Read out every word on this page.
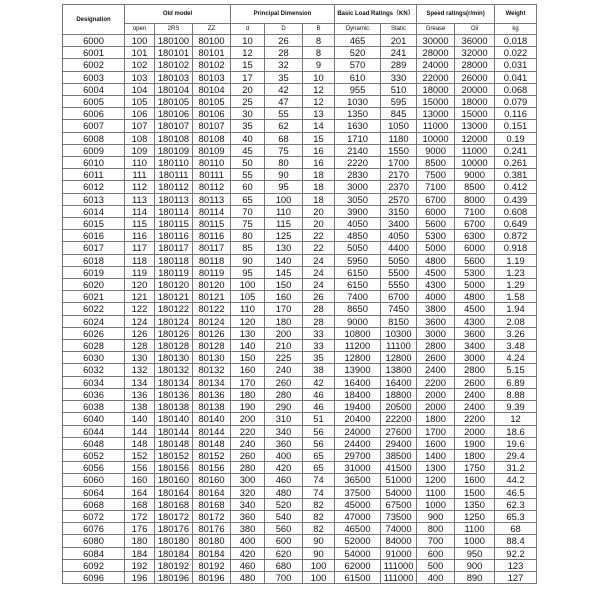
Designation	Old model			Principal Dimension			Basic Load Ratings（KN）		Speed ratings(r/min)		Weight
	open	2RS	ZZ	d	D	B	Dynamic	Static	Grease	Oil	kg
6000	100	180100	80100	10	26	8	465	201	30000	36000	0.018
6001	101	180101	80101	12	28	8	520	241	28000	32000	0.022
6002	102	180102	80102	15	32	9	570	289	24000	28000	0.031
6003	103	180103	80103	17	35	10	610	330	22000	26000	0.041
6004	104	180104	80104	20	42	12	955	510	18000	20000	0.068
6005	105	180105	80105	25	47	12	1030	595	15000	18000	0.079
6006	106	180106	80106	30	55	13	1350	845	13000	15000	0.116
6007	107	180107	80107	35	62	14	1630	1050	11000	13000	0.151
6008	108	180108	80108	40	68	15	1710	1180	10000	12000	0.19
6009	109	180109	80109	45	75	16	2140	1550	9000	11000	0.241
6010	110	180110	80110	50	80	16	2220	1700	8500	10000	0.261
6011	111	180111	80111	55	90	18	2830	2170	7500	9000	0.381
6012	112	180112	80112	60	95	18	3000	2370	7100	8500	0.412
6013	113	180113	80113	65	100	18	3050	2570	6700	8000	0.439
6014	114	180114	80114	70	110	20	3900	3150	6000	7100	0.608
6015	115	180115	80115	75	115	20	4050	3400	5600	6700	0.649
6016	116	180116	80116	80	125	22	4850	4050	5300	6300	0.872
6017	117	180117	80117	85	130	22	5050	4400	5000	6000	0.918
6018	118	180118	80118	90	140	24	5950	5050	4800	5600	1.19
6019	119	180119	80119	95	145	24	6150	5500	4500	5300	1.23
6020	120	180120	80120	100	150	24	6150	5550	4300	5000	1.29
6021	121	180121	80121	105	160	26	7400	6700	4000	4800	1.58
6022	122	180122	80122	110	170	28	8650	7450	3800	4500	1.94
6024	124	180124	80124	120	180	28	9000	8150	3600	4300	2.08
6026	126	180126	80126	130	200	33	10800	10300	3000	3600	3.26
6028	128	180128	80128	140	210	33	11200	11100	2800	3400	3.48
6030	130	180130	80130	150	225	35	12800	12800	2600	3000	4.24
6032	132	180132	80132	160	240	38	13900	13800	2400	2800	5.15
6034	134	180134	80134	170	260	42	16400	16400	2200	2600	6.89
6036	136	180136	80136	180	280	46	18400	18800	2000	2400	8.88
6038	138	180138	80138	190	290	46	19400	20500	2000	2400	9.39
6040	140	180140	80140	200	310	51	20400	22200	1800	2200	12
6044	144	180144	80144	220	340	56	24000	27600	1700	2000	18.6
6048	148	180148	80148	240	360	56	24400	29400	1600	1900	19.6
6052	152	180152	80152	260	400	65	29700	38500	1400	1800	29.4
6056	156	180156	80156	280	420	65	31000	41500	1300	1750	31.2
6060	160	180160	80160	300	460	74	36500	51000	1200	1600	44.2
6064	164	180164	80164	320	480	74	37500	54000	1100	1500	46.5
6068	168	180168	80168	340	520	82	45000	67500	1000	1350	62.3
6072	172	180172	80172	360	540	82	47000	73500	900	1250	65.3
6076	176	180176	80176	380	560	82	46500	74000	800	1100	68
6080	180	180180	80180	400	600	90	52000	84000	700	1000	88.4
6084	184	180184	80184	420	620	90	54000	91000	600	950	92.2
6092	192	180192	80192	460	680	100	62000	111000	500	900	123
6096	196	180196	80196	480	700	100	61500	111000	400	890	127
